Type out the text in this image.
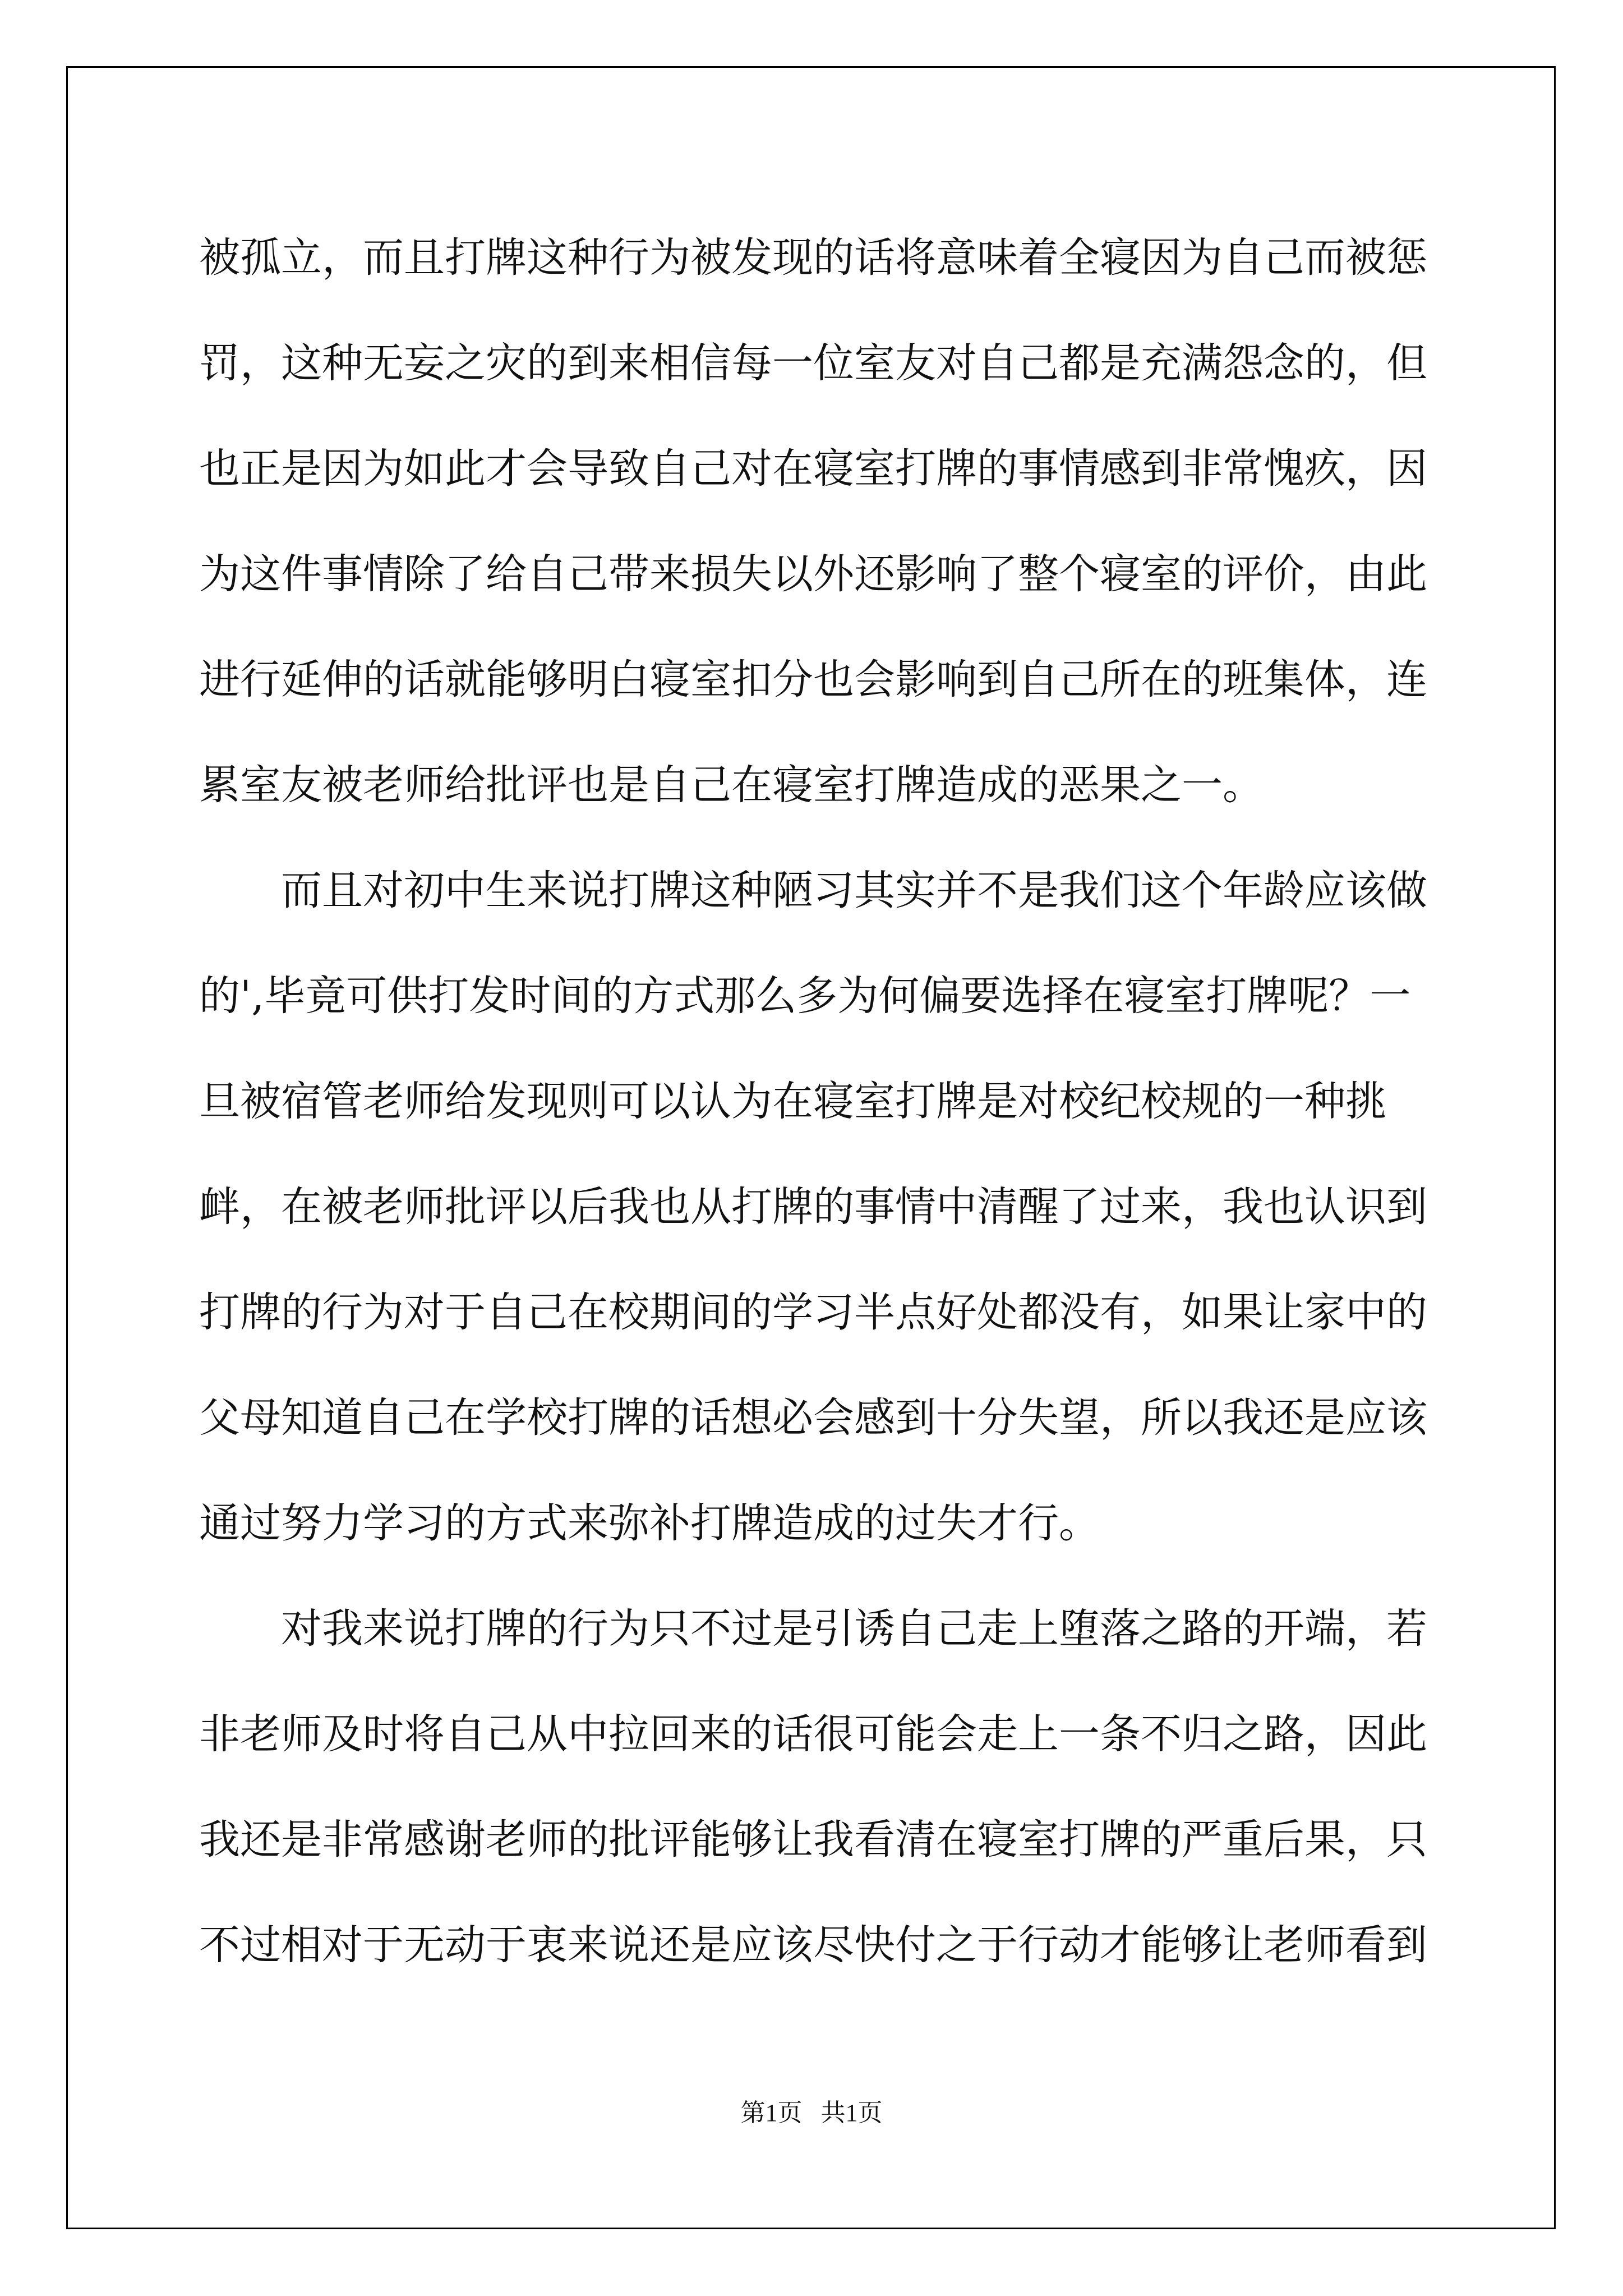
被孤立，而且打牌这种行为被发现的话将意味着全寝因为自己而被惩罚，这种无妄之灾的到来相信每一位室友对自己都是充满怨念的，但也正是因为如此才会导致自己对在寝室打牌的事情感到非常愧疚，因为这件事情除了给自己带来损失以外还影响了整个寝室的评价，由此进行延伸的话就能够明白寝室扣分也会影响到自己所在的班集体，连累室友被老师给批评也是自己在寝室打牌造成的恶果之一。

而且对初中生来说打牌这种陋习其实并不是我们这个年龄应该做的',毕竟可供打发时间的方式那么多为何偏要选择在寝室打牌呢？一旦被宿管老师给发现则可以认为在寝室打牌是对校纪校规的一种挑衅，在被老师批评以后我也从打牌的事情中清醒了过来，我也认识到打牌的行为对于自己在校期间的学习半点好处都没有，如果让家中的父母知道自己在学校打牌的话想必会感到十分失望，所以我还是应该通过努力学习的方式来弥补打牌造成的过失才行。

对我来说打牌的行为只不过是引诱自己走上堕落之路的开端，若非老师及时将自己从中拉回来的话很可能会走上一条不归之路，因此我还是非常感谢老师的批评能够让我看清在寝室打牌的严重后果，只不过相对于无动于衷来说还是应该尽快付之于行动才能够让老师看到

第1页 共1页
